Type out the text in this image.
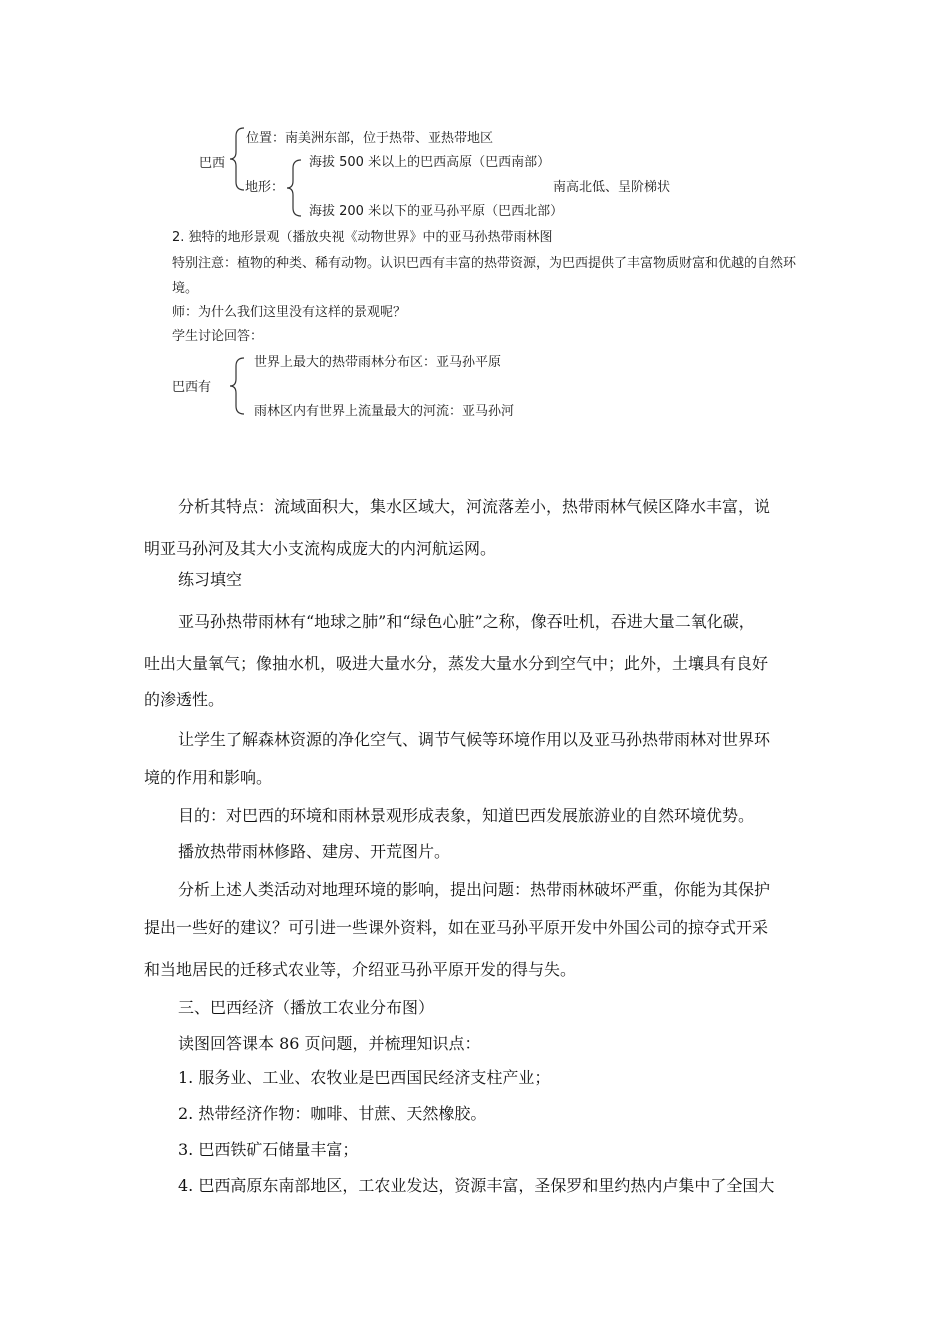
巴西
位置：南美洲东部，位于热带、亚热带地区
地形：
海拔 500 米以上的巴西高原（巴西南部）
南高北低、呈阶梯状
海拔 200 米以下的亚马孙平原（巴西北部）
2. 独特的地形景观（播放央视《动物世界》中的亚马孙热带雨林图
特别注意：植物的种类、稀有动物。认识巴西有丰富的热带资源，为巴西提供了丰富物质财富和优越的自然环
境。
师：为什么我们这里没有这样的景观呢？
学生讨论回答：
巴西有
世界上最大的热带雨林分布区：亚马孙平原
雨林区内有世界上流量最大的河流：亚马孙河
分析其特点：流域面积大，集水区域大，河流落差小，热带雨林气候区降水丰富，说
明亚马孙河及其大小支流构成庞大的内河航运网。
练习填空
亚马孙热带雨林有“地球之肺”和“绿色心脏”之称，像吞吐机，吞进大量二氧化碳，
吐出大量氧气；像抽水机，吸进大量水分，蒸发大量水分到空气中；此外，土壤具有良好
的渗透性。
让学生了解森林资源的净化空气、调节气候等环境作用以及亚马孙热带雨林对世界环
境的作用和影响。
目的：对巴西的环境和雨林景观形成表象，知道巴西发展旅游业的自然环境优势。
播放热带雨林修路、建房、开荒图片。
分析上述人类活动对地理环境的影响，提出问题：热带雨林破坏严重，你能为其保护
提出一些好的建议？可引进一些课外资料，如在亚马孙平原开发中外国公司的掠夺式开采
和当地居民的迁移式农业等，介绍亚马孙平原开发的得与失。
三、巴西经济（播放工农业分布图）
读图回答课本 86 页问题，并梳理知识点：
1. 服务业、工业、农牧业是巴西国民经济支柱产业；
2. 热带经济作物：咖啡、甘蔗、天然橡胶。
3. 巴西铁矿石储量丰富；
4. 巴西高原东南部地区，工农业发达，资源丰富，圣保罗和里约热内卢集中了全国大
